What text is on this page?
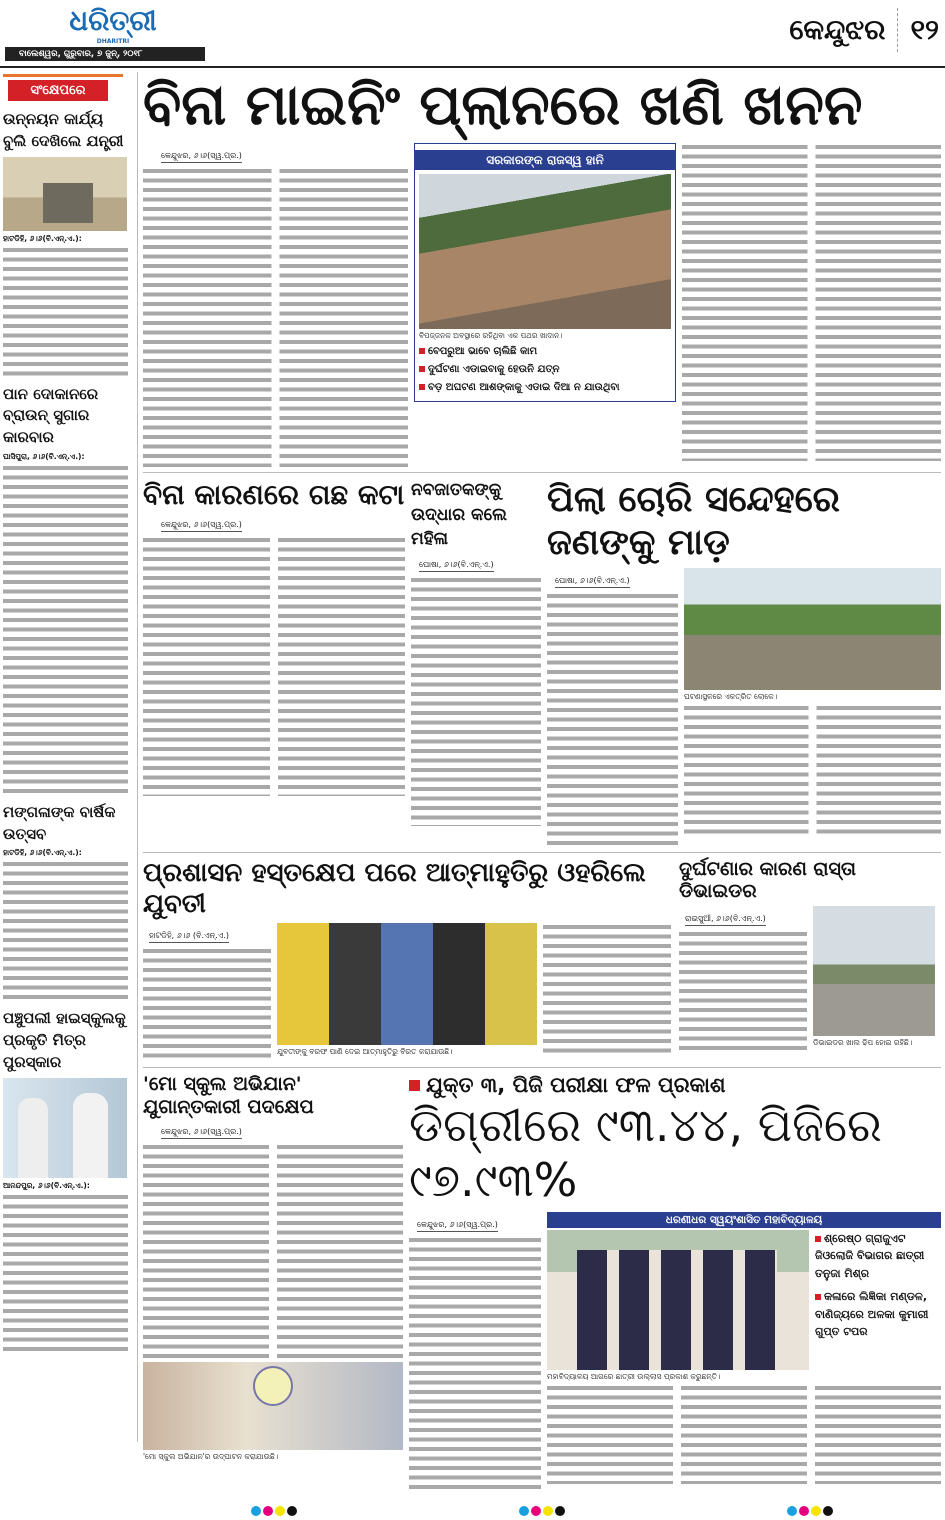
ଧରିତ୍ରୀ
DHARITRI
ବାଲେଶ୍ୱର, ଗୁରୁବାର, ୭ ଜୁନ୍, ୨୦୧୮
କେନ୍ଦୁଝର ୧୨
ସଂକ୍ଷେପରେ
ଉନ୍ନୟନ କାର୍ଯ୍ୟ ବୁଲି ଦେଖିଲେ ଯନ୍ତ୍ରୀ
ହାଟଡିହି, ୬।୬(ବି.ଏନ୍.ଏ.):
ପାନ ଦୋକାନରେ ବ୍ରାଉନ୍ ସୁଗାର କାରବାର
ଘାସିପୁରା, ୬।୬(ବି.ଏନ୍.ଏ.):
ମଙ୍ଗଳାଙ୍କ ବାର୍ଷିକ ଉତ୍ସବ
ହାଟଡିହି, ୬।୬(ବି.ଏନ୍.ଏ.):
ପଞ୍ଚୁପଲୀ ହାଇସ୍କୁଲକୁ ପ୍ରକୃତି ମିତ୍ର ପୁରସ୍କାର
ଆନନ୍ଦପୁର, ୬।୬(ବି.ଏନ୍.ଏ.):
ବିନା ମାଇନିଂ ପ୍ଲାନରେ ଖଣି ଖନନ
କେନ୍ଦୁଝର, ୬।୬(ସ୍ୱ.ପ୍ର.)	ସରକାରଙ୍କ ରାଜସ୍ୱ ହାନି
ବିପଜ୍ଜନକ ଅବସ୍ଥାରେ ରହିଥିବା ଏକ ପଥର ଖାଦାନ।
ବେପରୁଆ ଭାବେ ଚାଲିଛି କାମ
ଦୁର୍ଘଟଣା ଏଡାଇବାକୁ ହେଉନି ଯତ୍ନ
ବଡ଼ ଅଘଟଣ ଆଶଙ୍କାକୁ ଏଡାଇ ଦିଆ ନ ଯାଉଥିବା
ବିନା କାରଣରେ ଗଛ କଟା
କେନ୍ଦୁଝର, ୬।୬(ସ୍ୱ.ପ୍ର.)
ନବଜାତକଙ୍କୁ ଉଦ୍ଧାର କଲେ ମହିଳା
ଘୋଷା, ୬।୬(ବି.ଏନ୍.ଏ.)
ପିଲା ଚୋରି ସନ୍ଦେହରେ ଜଣଙ୍କୁ ମାଡ଼
ଘୋଷା, ୬।୬(ବି.ଏନ୍.ଏ.)
ଘଟଣାସ୍ଥଳରେ ଏକତ୍ରିତ ଲୋକେ।
ପ୍ରଶାସନ ହସ୍ତକ୍ଷେପ ପରେ ଆତ୍ମାହୁତିରୁ ଓହରିଲେ ଯୁବତୀ
ହାଟଡିହି, ୬।୬ (ବି.ଏନ୍.ଏ.)
ଯୁବତୀଙ୍କୁ ବରଫ ପାଣି ଦେଇ ଆତ୍ମାହୁତିରୁ ବିରତ କରାଯାଉଛି।
ଦୁର୍ଘଟଣାର କାରଣ ରାସ୍ତା ଡିଭାଇଡର
ରାଇସୁଆଁ, ୬।୬(ବି.ଏନ୍.ଏ.)
ଡିଭାଇଡର ଖାଲ ଢିପ ହୋଇ ରହିଛି।
'ମୋ ସ୍କୁଲ ଅଭିଯାନ' ଯୁଗାନ୍ତକାରୀ ପଦକ୍ଷେପ
କେନ୍ଦୁଝର, ୬।୬(ସ୍ୱ.ପ୍ର.)
'ମୋ ସ୍କୁଲ ଅଭିଯାନ'ର ଉଦ୍‌ଘାଟନ କରାଯାଉଛି।
ଯୁକ୍ତ ୩, ପିଜି ପରୀକ୍ଷା ଫଳ ପ୍ରକାଶ
ଡିଗ୍ରୀରେ ୯୩.୪୪, ପିଜିରେ ୯୭.୯୩%
କେନ୍ଦୁଝର, ୬।୬(ସ୍ୱ.ପ୍ର.)	ଧରଣୀଧର ସ୍ୱୟଂଶାସିତ ମହାବିଦ୍ୟାଳୟ
ଶ୍ରେଷ୍ଠ ଗ୍ରାଜୁଏଟ ଜିଓଲୋଜି ବିଭାଗର ଛାତ୍ରୀ ତନୁଜା ମିଶ୍ର
କଳାରେ ଲିଜ୍ଞିକା ମଣ୍ଡଳ, ବାଣିଜ୍ୟରେ ଅଳକା କୁମାରୀ ଗୁପ୍ତ ଟପର
ମହାବିଦ୍ୟାଳୟ ଆଗରେ ଛାତ୍ରୀ ଉଲ୍ଲାସ ପ୍ରକାଶ କରୁଛନ୍ତି।
